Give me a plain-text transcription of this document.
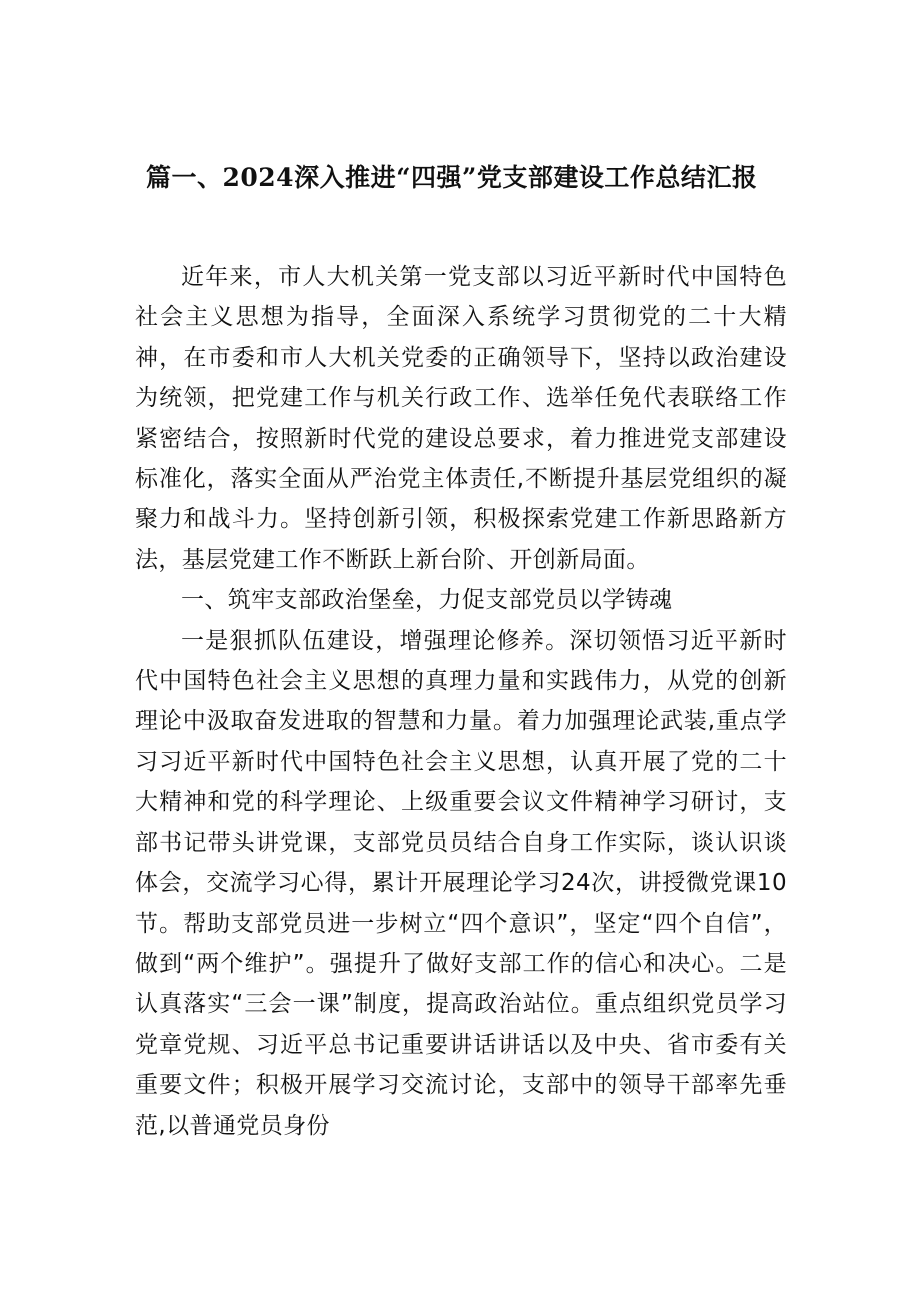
篇一、2024深入推进“四强”党支部建设工作总结汇报

近年来，市人大机关第一党支部以习近平新时代中国特色社会主义思想为指导，全面深入系统学习贯彻党的二十大精神，在市委和市人大机关党委的正确领导下，坚持以政治建设为统领，把党建工作与机关行政工作、选举任免代表联络工作紧密结合，按照新时代党的建设总要求，着力推进党支部建设标准化，落实全面从严治党主体责任,不断提升基层党组织的凝聚力和战斗力。坚持创新引领，积极探索党建工作新思路新方法，基层党建工作不断跃上新台阶、开创新局面。

一、筑牢支部政治堡垒，力促支部党员以学铸魂

一是狠抓队伍建设，增强理论修养。深切领悟习近平新时代中国特色社会主义思想的真理力量和实践伟力，从党的创新理论中汲取奋发进取的智慧和力量。着力加强理论武装,重点学习习近平新时代中国特色社会主义思想，认真开展了党的二十大精神和党的科学理论、上级重要会议文件精神学习研讨，支部书记带头讲党课，支部党员员结合自身工作实际，谈认识谈体会，交流学习心得，累计开展理论学习24次，讲授微党课10节。帮助支部党员进一步树立“四个意识”，坚定“四个自信”，做到“两个维护”。强提升了做好支部工作的信心和决心。二是认真落实“三会一课”制度，提高政治站位。重点组织党员学习党章党规、习近平总书记重要讲话讲话以及中央、省市委有关重要文件；积极开展学习交流讨论，支部中的领导干部率先垂范,以普通党员身份
